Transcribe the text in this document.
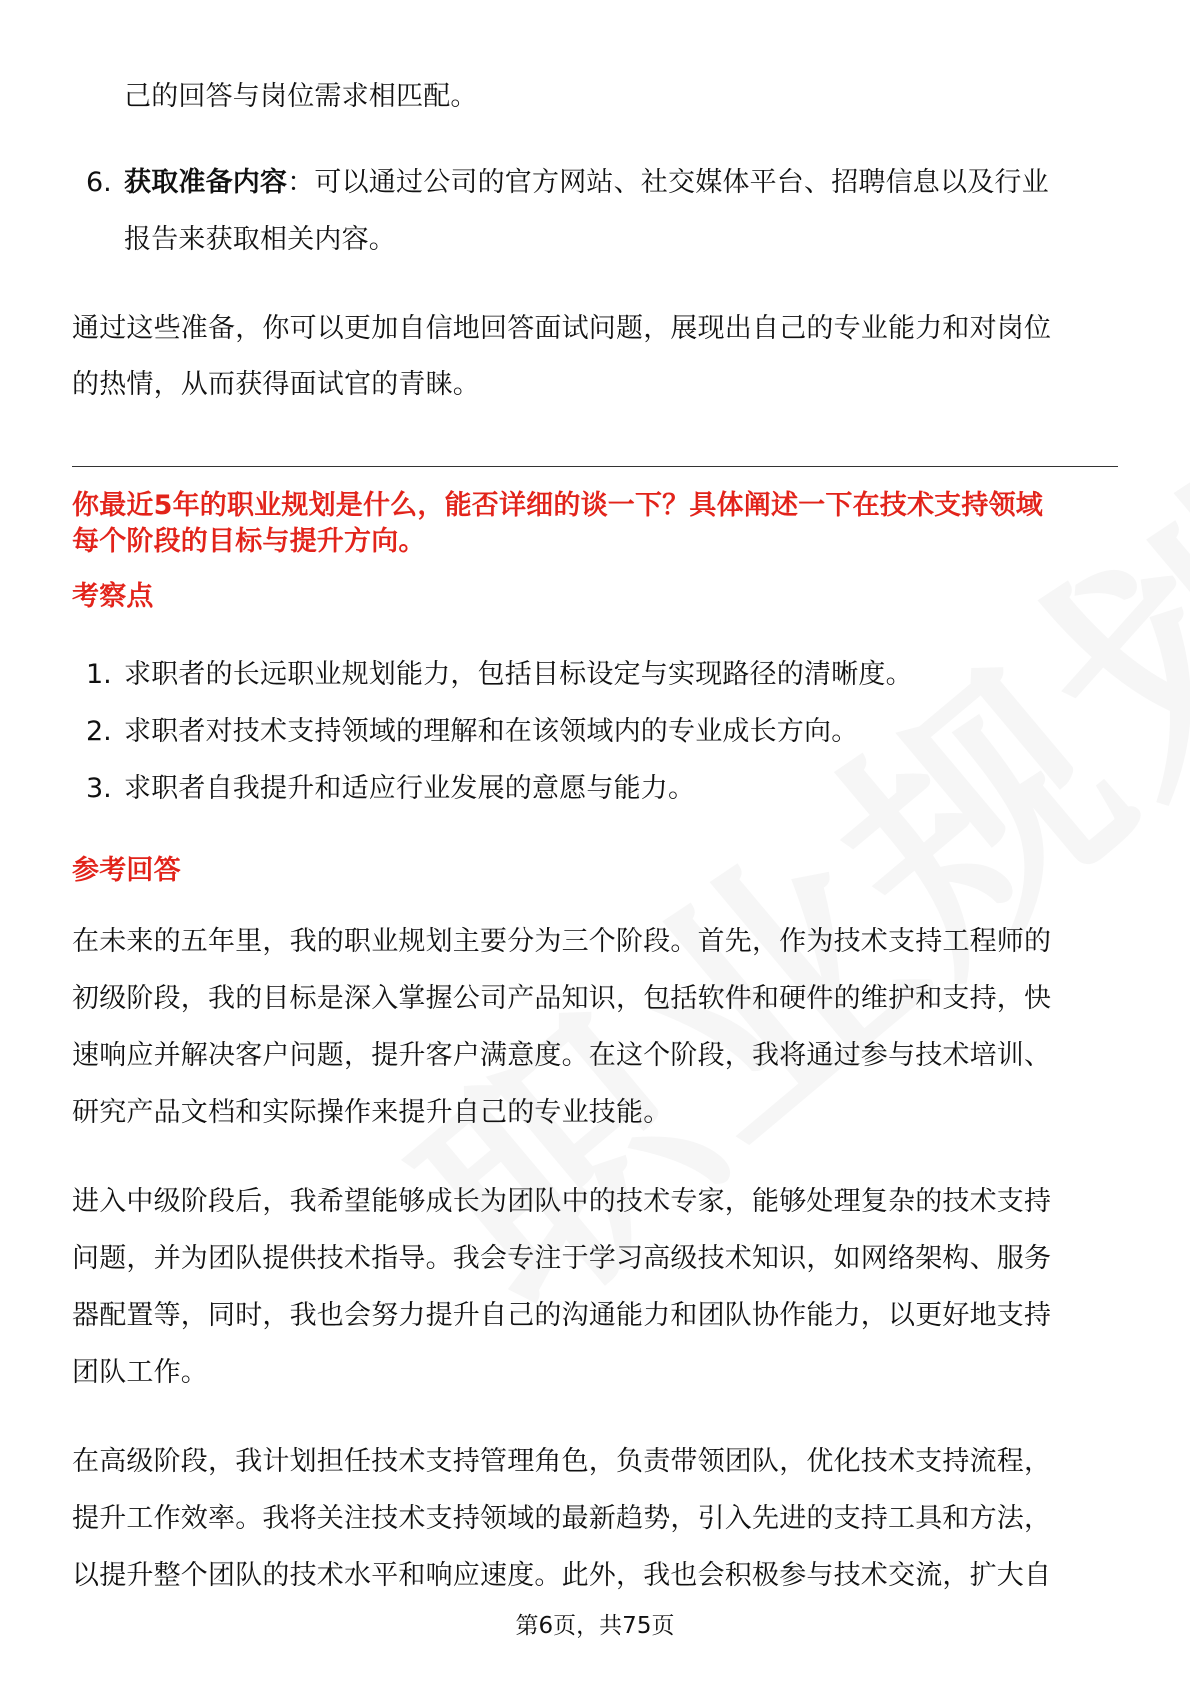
己的回答与岗位需求相匹配。
6. 获取准备内容：可以通过公司的官方网站、社交媒体平台、招聘信息以及行业
报告来获取相关内容。
通过这些准备，你可以更加自信地回答面试问题，展现出自己的专业能力和对岗位
的热情，从而获得面试官的青睐。
你最近5年的职业规划是什么，能否详细的谈一下？具体阐述一下在技术支持领域
每个阶段的目标与提升方向。
考察点
1. 求职者的长远职业规划能力，包括目标设定与实现路径的清晰度。
2. 求职者对技术支持领域的理解和在该领域内的专业成长方向。
3. 求职者自我提升和适应行业发展的意愿与能力。
参考回答
在未来的五年里，我的职业规划主要分为三个阶段。首先，作为技术支持工程师的
初级阶段，我的目标是深入掌握公司产品知识，包括软件和硬件的维护和支持，快
速响应并解决客户问题，提升客户满意度。在这个阶段，我将通过参与技术培训、
研究产品文档和实际操作来提升自己的专业技能。
进入中级阶段后，我希望能够成长为团队中的技术专家，能够处理复杂的技术支持
问题，并为团队提供技术指导。我会专注于学习高级技术知识，如网络架构、服务
器配置等，同时，我也会努力提升自己的沟通能力和团队协作能力，以更好地支持
团队工作。
在高级阶段，我计划担任技术支持管理角色，负责带领团队，优化技术支持流程，
提升工作效率。我将关注技术支持领域的最新趋势，引入先进的支持工具和方法，
以提升整个团队的技术水平和响应速度。此外，我也会积极参与技术交流，扩大自
第6页，共75页
